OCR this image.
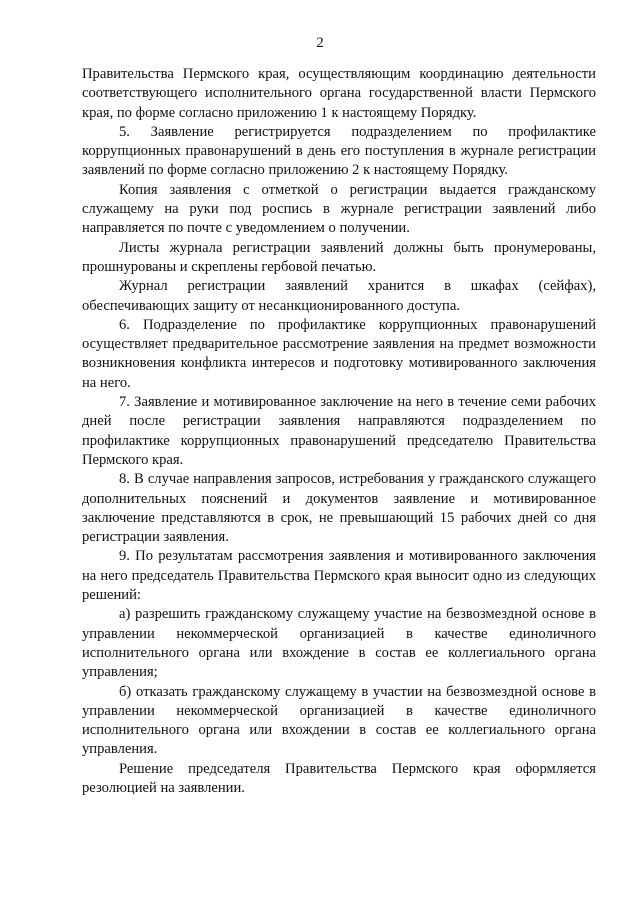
2

Правительства Пермского края, осуществляющим координацию деятельности соответствующего исполнительного органа государственной власти Пермского края, по форме согласно приложению 1 к настоящему Порядку.

5. Заявление регистрируется подразделением по профилактике коррупционных правонарушений в день его поступления в журнале регистрации заявлений по форме согласно приложению 2 к настоящему Порядку.

Копия заявления с отметкой о регистрации выдается гражданскому служащему на руки под роспись в журнале регистрации заявлений либо направляется по почте с уведомлением о получении.

Листы журнала регистрации заявлений должны быть пронумерованы, прошнурованы и скреплены гербовой печатью.

Журнал регистрации заявлений хранится в шкафах (сейфах), обеспечивающих защиту от несанкционированного доступа.

6. Подразделение по профилактике коррупционных правонарушений осуществляет предварительное рассмотрение заявления на предмет возможности возникновения конфликта интересов и подготовку мотивированного заключения на него.

7. Заявление и мотивированное заключение на него в течение семи рабочих дней после регистрации заявления направляются подразделением по профилактике коррупционных правонарушений председателю Правительства Пермского края.

8. В случае направления запросов, истребования у гражданского служащего дополнительных пояснений и документов заявление и мотивированное заключение представляются в срок, не превышающий 15 рабочих дней со дня регистрации заявления.

9. По результатам рассмотрения заявления и мотивированного заключения на него председатель Правительства Пермского края выносит одно из следующих решений:

а) разрешить гражданскому служащему участие на безвозмездной основе в управлении некоммерческой организацией в качестве единоличного исполнительного органа или вхождение в состав ее коллегиального органа управления;

б) отказать гражданскому служащему в участии на безвозмездной основе в управлении некоммерческой организацией в качестве единоличного исполнительного органа или вхождении в состав ее коллегиального органа управления.

Решение председателя Правительства Пермского края оформляется резолюцией на заявлении.
